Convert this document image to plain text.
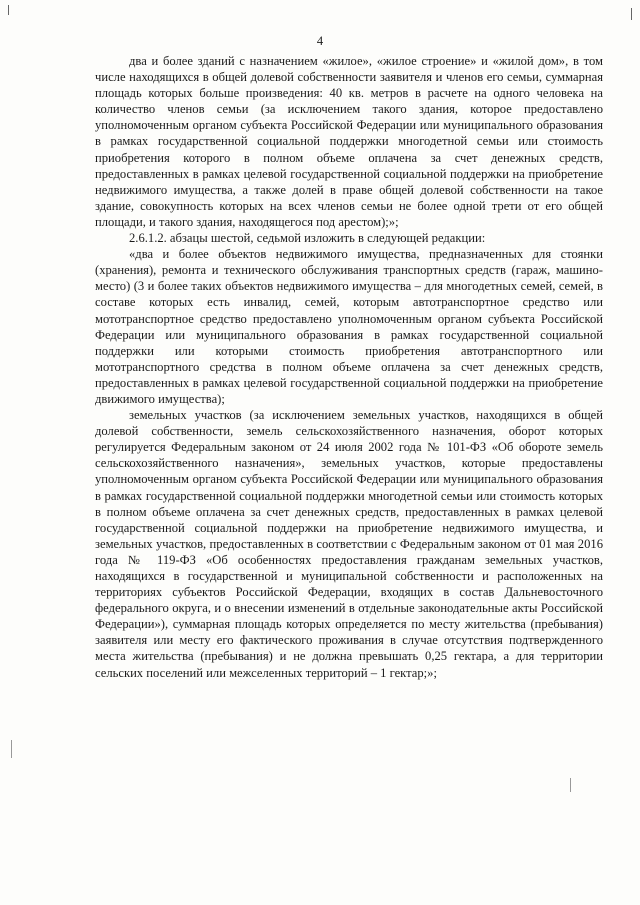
4

два и более зданий с назначением «жилое», «жилое строение» и «жилой дом», в том числе находящихся в общей долевой собственности заявителя и членов его семьи, суммарная площадь которых больше произведения: 40 кв. метров в расчете на одного человека на количество членов семьи (за исключением такого здания, которое предоставлено уполномоченным органом субъекта Российской Федерации или муниципального образования в рамках государственной социальной поддержки многодетной семьи или стоимость приобретения которого в полном объеме оплачена за счет денежных средств, предоставленных в рамках целевой государственной социальной поддержки на приобретение недвижимого имущества, а также долей в праве общей долевой собственности на такое здание, совокупность которых на всех членов семьи не более одной трети от его общей площади, и такого здания, находящегося под арестом);»;

2.6.1.2. абзацы шестой, седьмой изложить в следующей редакции:

«два и более объектов недвижимого имущества, предназначенных для стоянки (хранения), ремонта и технического обслуживания транспортных средств (гараж, машино-место) (3 и более таких объектов недвижимого имущества – для многодетных семей, семей, в составе которых есть инвалид, семей, которым автотранспортное средство или мототранспортное средство предоставлено уполномоченным органом субъекта Российской Федерации или муниципального образования в рамках государственной социальной поддержки или которыми стоимость приобретения автотранспортного или мототранспортного средства в полном объеме оплачена за счет денежных средств, предоставленных в рамках целевой государственной социальной поддержки на приобретение движимого имущества);

земельных участков (за исключением земельных участков, находящихся в общей долевой собственности, земель сельскохозяйственного назначения, оборот которых регулируется Федеральным законом от 24 июля 2002 года № 101-ФЗ «Об обороте земель сельскохозяйственного назначения», земельных участков, которые предоставлены уполномоченным органом субъекта Российской Федерации или муниципального образования в рамках государственной социальной поддержки многодетной семьи или стоимость которых в полном объеме оплачена за счет денежных средств, предоставленных в рамках целевой государственной социальной поддержки на приобретение недвижимого имущества, и земельных участков, предоставленных в соответствии с Федеральным законом от 01 мая 2016 года № 119-ФЗ «Об особенностях предоставления гражданам земельных участков, находящихся в государственной и муниципальной собственности и расположенных на территориях субъектов Российской Федерации, входящих в состав Дальневосточного федерального округа, и о внесении изменений в отдельные законодательные акты Российской Федерации»), суммарная площадь которых определяется по месту жительства (пребывания) заявителя или месту его фактического проживания в случае отсутствия подтвержденного места жительства (пребывания) и не должна превышать 0,25 гектара, а для территории сельских поселений или межселенных территорий – 1 гектар;»;
